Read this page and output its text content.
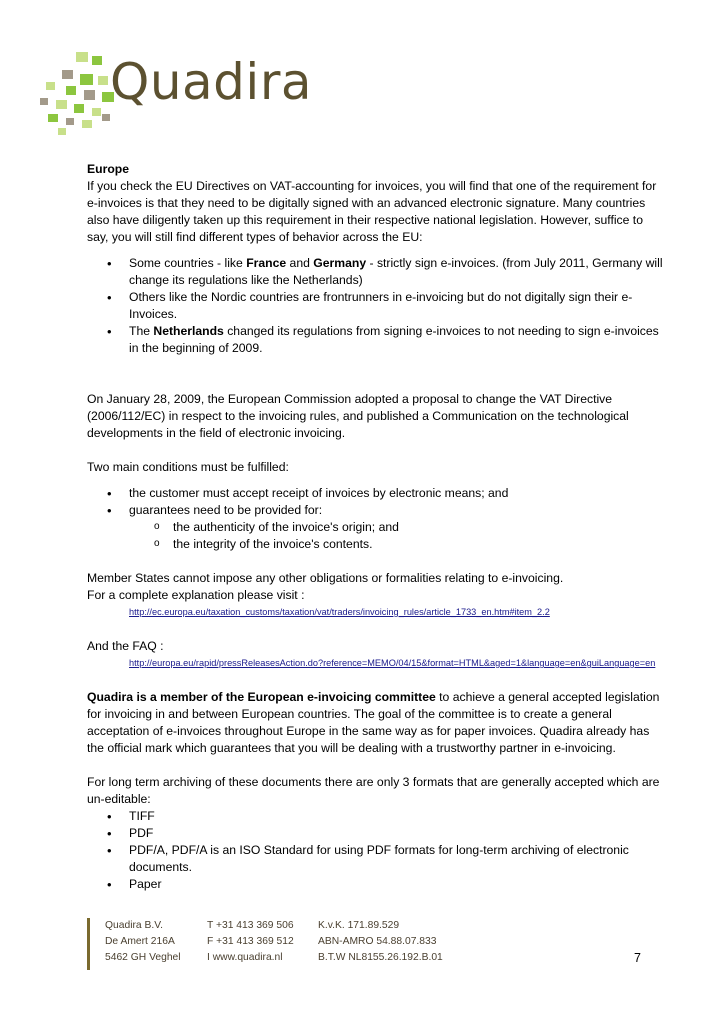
Quadira

Europe

If you check the EU Directives on VAT-accounting for invoices, you will find that one of the requirement for e-invoices is that they need to be digitally signed with an advanced electronic signature. Many countries also have diligently taken up this requirement in their respective national legislation. However, suffice to say, you will still find different types of behavior across the EU:

• Some countries - like France and Germany - strictly sign e-invoices. (from July 2011, Germany will change its regulations like the Netherlands)
• Others like the Nordic countries are frontrunners in e-invoicing but do not digitally sign their e-Invoices.
• The Netherlands changed its regulations from signing e-invoices to not needing to sign e-invoices in the beginning of 2009.

On January 28, 2009, the European Commission adopted a proposal to change the VAT Directive (2006/112/EC) in respect to the invoicing rules, and published a Communication on the technological developments in the field of electronic invoicing.

Two main conditions must be fulfilled:

• the customer must accept receipt of invoices by electronic means; and
• guarantees need to be provided for:
o the authenticity of the invoice's origin; and
o the integrity of the invoice's contents.

Member States cannot impose any other obligations or formalities relating to e-invoicing.

For a complete explanation please visit :

http://ec.europa.eu/taxation_customs/taxation/vat/traders/invoicing_rules/article_1733_en.htm#item_2.2

And the FAQ :

http://europa.eu/rapid/pressReleasesAction.do?reference=MEMO/04/15&format=HTML&aged=1&language=en&guiLanguage=en

Quadira is a member of the European e-invoicing committee to achieve a general accepted legislation for invoicing in and between European countries. The goal of the committee is to create a general acceptation of e-invoices throughout Europe in the same way as for paper invoices. Quadira already has the official mark which guarantees that you will be dealing with a trustworthy partner in e-invoicing.

For long term archiving of these documents there are only 3 formats that are generally accepted which are un-editable:

• TIFF
• PDF
• PDF/A, PDF/A is an ISO Standard for using PDF formats for long-term archiving of electronic documents.
• Paper
Quadira B.V.
De Amert 216A
5462 GH Veghel
T +31 413 369 506
F +31 413 369 512
I www.quadira.nl
K.v.K. 171.89.529
ABN-AMRO 54.88.07.833
B.T.W NL8155.26.192.B.01	7
